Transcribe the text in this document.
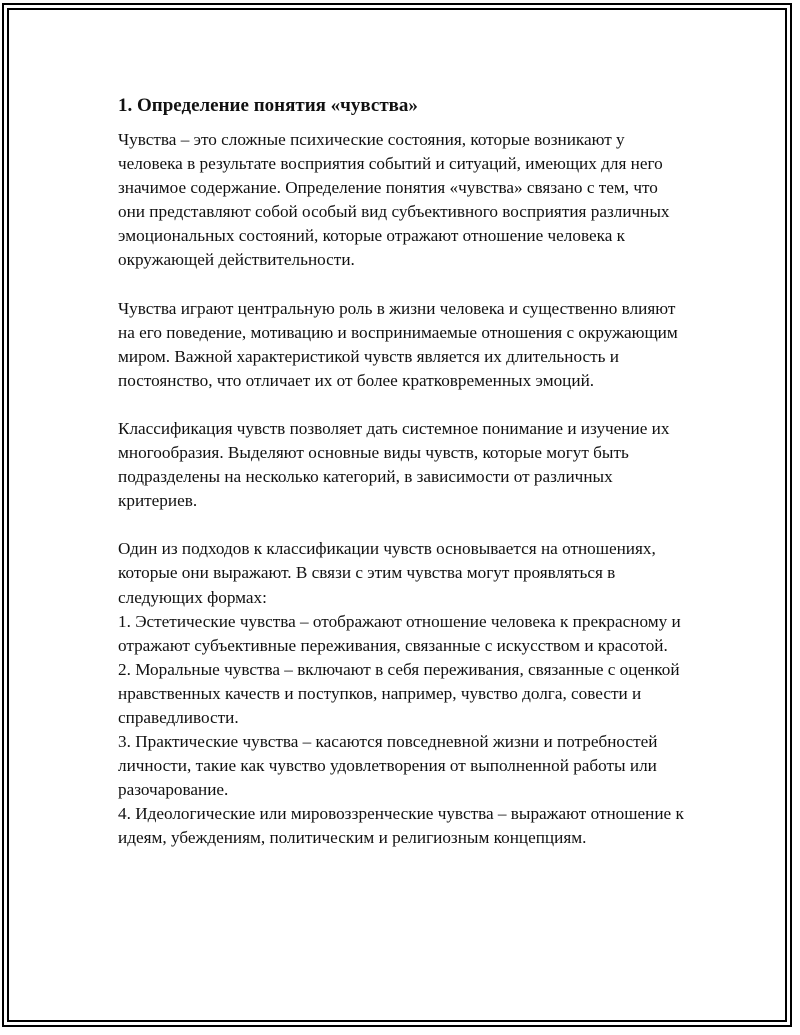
1. Определение понятия «чувства»

Чувства – это сложные психические состояния, которые возникают у человека в результате восприятия событий и ситуаций, имеющих для него значимое содержание. Определение понятия «чувства» связано с тем, что они представляют собой особый вид субъективного восприятия различных эмоциональных состояний, которые отражают отношение человека к окружающей действительности.

Чувства играют центральную роль в жизни человека и существенно влияют на его поведение, мотивацию и воспринимаемые отношения с окружающим миром. Важной характеристикой чувств является их длительность и постоянство, что отличает их от более кратковременных эмоций.

Классификация чувств позволяет дать системное понимание и изучение их многообразия. Выделяют основные виды чувств, которые могут быть подразделены на несколько категорий, в зависимости от различных критериев.

Один из подходов к классификации чувств основывается на отношениях, которые они выражают. В связи с этим чувства могут проявляться в следующих формах:

1. Эстетические чувства – отображают отношение человека к прекрасному и отражают субъективные переживания, связанные с искусством и красотой.
2. Моральные чувства – включают в себя переживания, связанные с оценкой нравственных качеств и поступков, например, чувство долга, совести и справедливости.
3. Практические чувства – касаются повседневной жизни и потребностей личности, такие как чувство удовлетворения от выполненной работы или разочарование.
4. Идеологические или мировоззренческие чувства – выражают отношение к идеям, убеждениям, политическим и религиозным концепциям.
